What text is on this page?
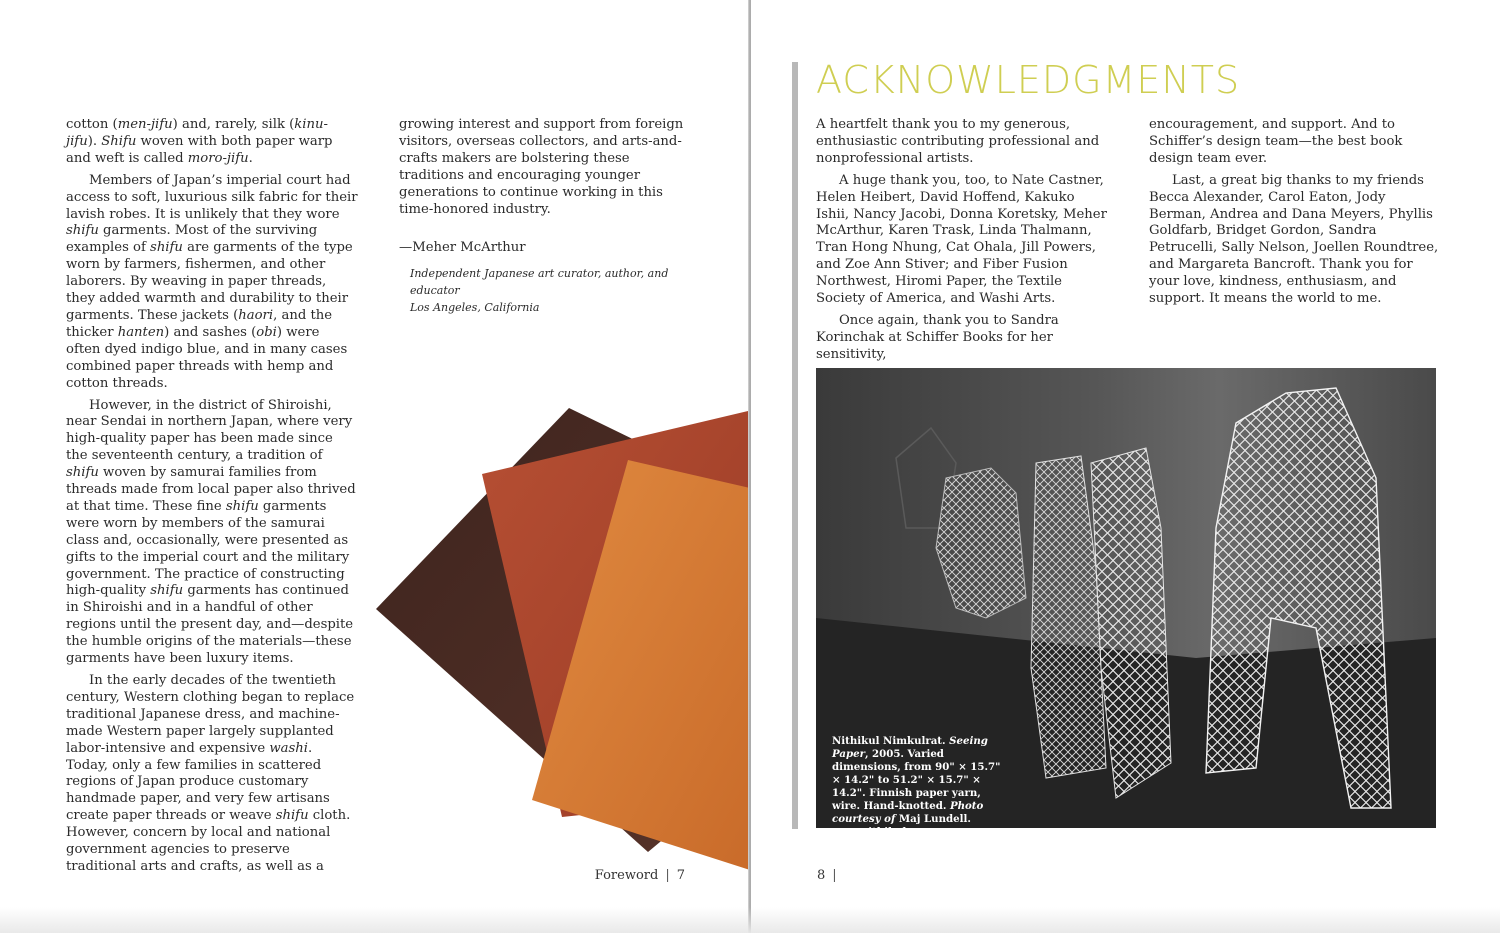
cotton (men-jifu) and, rarely, silk (kinu-jifu). Shifu woven with both paper warp and weft is called moro-jifu.

Members of Japan’s imperial court had access to soft, luxurious silk fabric for their lavish robes. It is unlikely that they wore shifu garments. Most of the surviving examples of shifu are garments of the type worn by farmers, fishermen, and other laborers. By weaving in paper threads, they added warmth and durability to their garments. These jackets (haori, and the thicker hanten) and sashes (obi) were often dyed indigo blue, and in many cases combined paper threads with hemp and cotton threads.

However, in the district of Shiroishi, near Sendai in northern Japan, where very high-quality paper has been made since the seventeenth century, a tradition of shifu woven by samurai families from threads made from local paper also thrived at that time. These fine shifu garments were worn by members of the samurai class and, occasionally, were presented as gifts to the imperial court and the military government. The practice of constructing high-quality shifu garments has continued in Shiroishi and in a handful of other regions until the present day, and—despite the humble origins of the materials—these garments have been luxury items.

In the early decades of the twentieth century, Western clothing began to replace traditional Japanese dress, and machine-made Western paper largely supplanted labor-intensive and expensive washi. Today, only a few families in scattered regions of Japan produce customary handmade paper, and very few artisans create paper threads or weave shifu cloth. However, concern by local and national government agencies to preserve traditional arts and crafts, as well as a

growing interest and support from foreign visitors, overseas collectors, and arts-and-crafts makers are bolstering these traditions and encouraging younger generations to continue working in this time-honored industry.

—Meher McArthur
Independent Japanese art curator, author, and educator
Los Angeles, California
Foreword | 7
ACKNOWLEDGMENTS

A heartfelt thank you to my generous, enthusiastic contributing professional and nonprofessional artists.

A huge thank you, too, to Nate Castner, Helen Heibert, David Hoffend, Kakuko Ishii, Nancy Jacobi, Donna Koretsky, Meher McArthur, Karen Trask, Linda Thalmann, Tran Hong Nhung, Cat Ohala, Jill Powers, and Zoe Ann Stiver; and Fiber Fusion Northwest, Hiromi Paper, the Textile Society of America, and Washi Arts.

Once again, thank you to Sandra Korinchak at Schiffer Books for her sensitivity,

encouragement, and support. And to Schiffer’s design team—the best book design team ever.

Last, a great big thanks to my friends Becca Alexander, Carol Eaton, Jody Berman, Andrea and Dana Meyers, Phyllis Goldfarb, Bridget Gordon, Sandra Petrucelli, Sally Nelson, Joellen Roundtree, and Margareta Bancroft. Thank you for your love, kindness, enthusiasm, and support. It means the world to me.

Nithikul Nimkulrat. Seeing Paper, 2005. Varied dimensions, from 90" × 15.7" × 14.2" to 51.2" × 15.7" × 14.2". Finnish paper yarn, wire. Hand-knotted. Photo courtesy of Maj Lundell. www.nithikul.com
8 |
